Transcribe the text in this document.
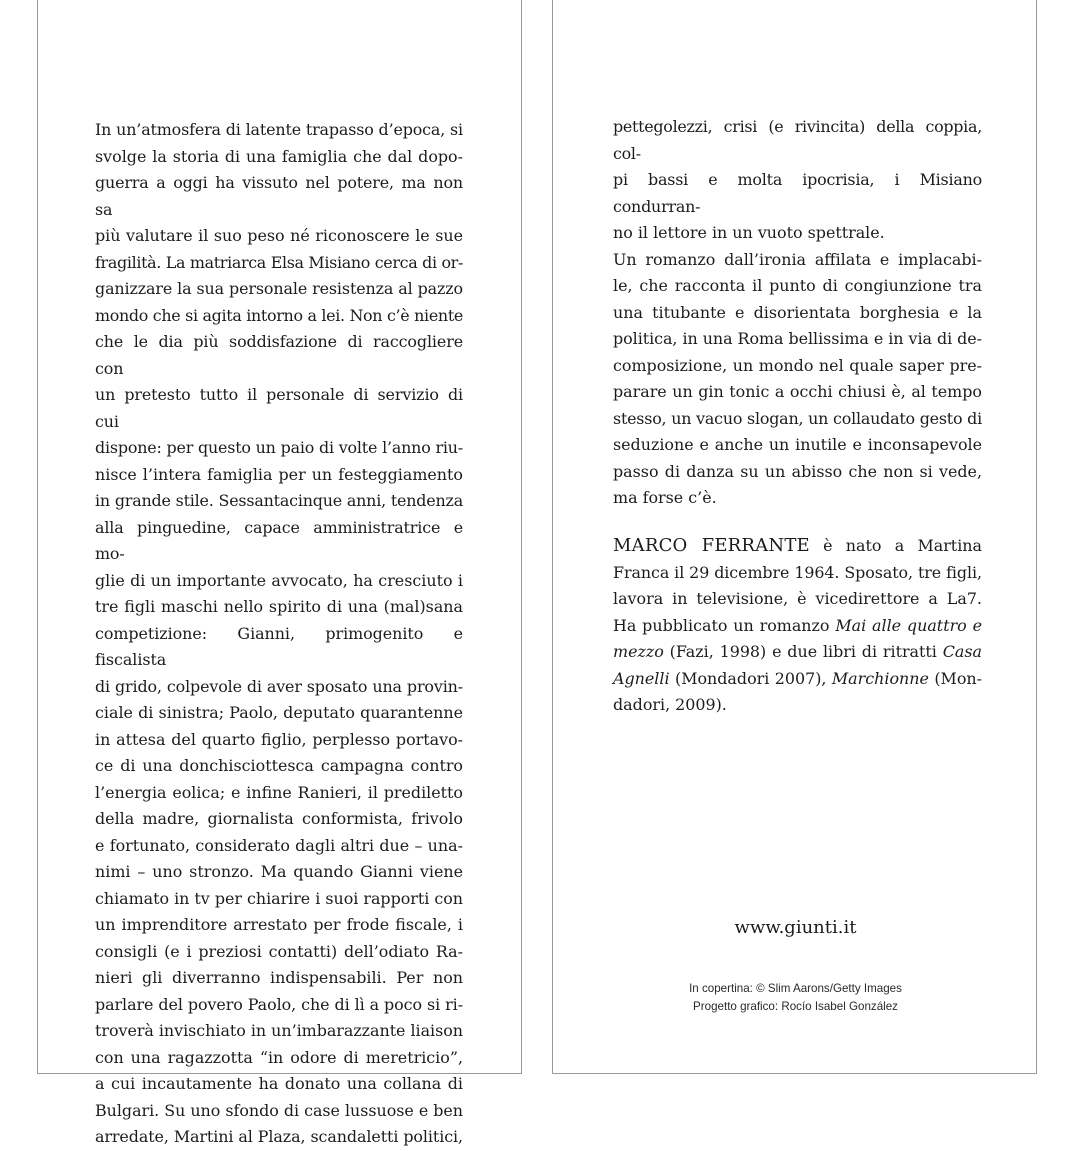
In un’atmosfera di latente trapasso d’epoca, si
svolge la storia di una famiglia che dal dopo-
guerra a oggi ha vissuto nel potere, ma non sa
più valutare il suo peso né riconoscere le sue
fragilità. La matriarca Elsa Misiano cerca di or-
ganizzare la sua personale resistenza al pazzo
mondo che si agita intorno a lei. Non c’è niente
che le dia più soddisfazione di raccogliere con
un pretesto tutto il personale di servizio di cui
dispone: per questo un paio di volte l’anno riu-
nisce l’intera famiglia per un festeggiamento
in grande stile. Sessantacinque anni, tendenza
alla pinguedine, capace amministratrice e mo-
glie di un importante avvocato, ha cresciuto i
tre figli maschi nello spirito di una (mal)sana
competizione: Gianni, primogenito e fiscalista
di grido, colpevole di aver sposato una provin-
ciale di sinistra; Paolo, deputato quarantenne
in attesa del quarto figlio, perplesso portavo-
ce di una donchisciottesca campagna contro
l’energia eolica; e infine Ranieri, il prediletto
della madre, giornalista conformista, frivolo
e fortunato, considerato dagli altri due – una-
nimi – uno stronzo. Ma quando Gianni viene
chiamato in tv per chiarire i suoi rapporti con
un imprenditore arrestato per frode fiscale, i
consigli (e i preziosi contatti) dell’odiato Ra-
nieri gli diverranno indispensabili. Per non
parlare del povero Paolo, che di lì a poco si ri-
troverà invischiato in un’imbarazzante liaison
con una ragazzotta “in odore di meretricio”,
a cui incautamente ha donato una collana di
Bulgari. Su uno sfondo di case lussuose e ben
arredate, Martini al Plaza, scandaletti politici,
pettegolezzi, crisi (e rivincita) della coppia, col-
pi bassi e molta ipocrisia, i Misiano condurran-
no il lettore in un vuoto spettrale.
Un romanzo dall’ironia affilata e implacabi-
le, che racconta il punto di congiunzione tra
una titubante e disorientata borghesia e la
politica, in una Roma bellissima e in via di de-
composizione, un mondo nel quale saper pre-
parare un gin tonic a occhi chiusi è, al tempo
stesso, un vacuo slogan, un collaudato gesto di
seduzione e anche un inutile e inconsapevole
passo di danza su un abisso che non si vede,
ma forse c’è.
MARCO FERRANTE è nato a Martina
Franca il 29 dicembre 1964. Sposato, tre figli,
lavora in televisione, è vicedirettore a La7.
Ha pubblicato un romanzo Mai alle quattro e
mezzo (Fazi, 1998) e due libri di ritratti Casa
Agnelli (Mondadori 2007), Marchionne (Mon-
dadori, 2009).
www.giunti.it
In copertina: © Slim Aarons/Getty Images
Progetto grafico: Rocío Isabel González
